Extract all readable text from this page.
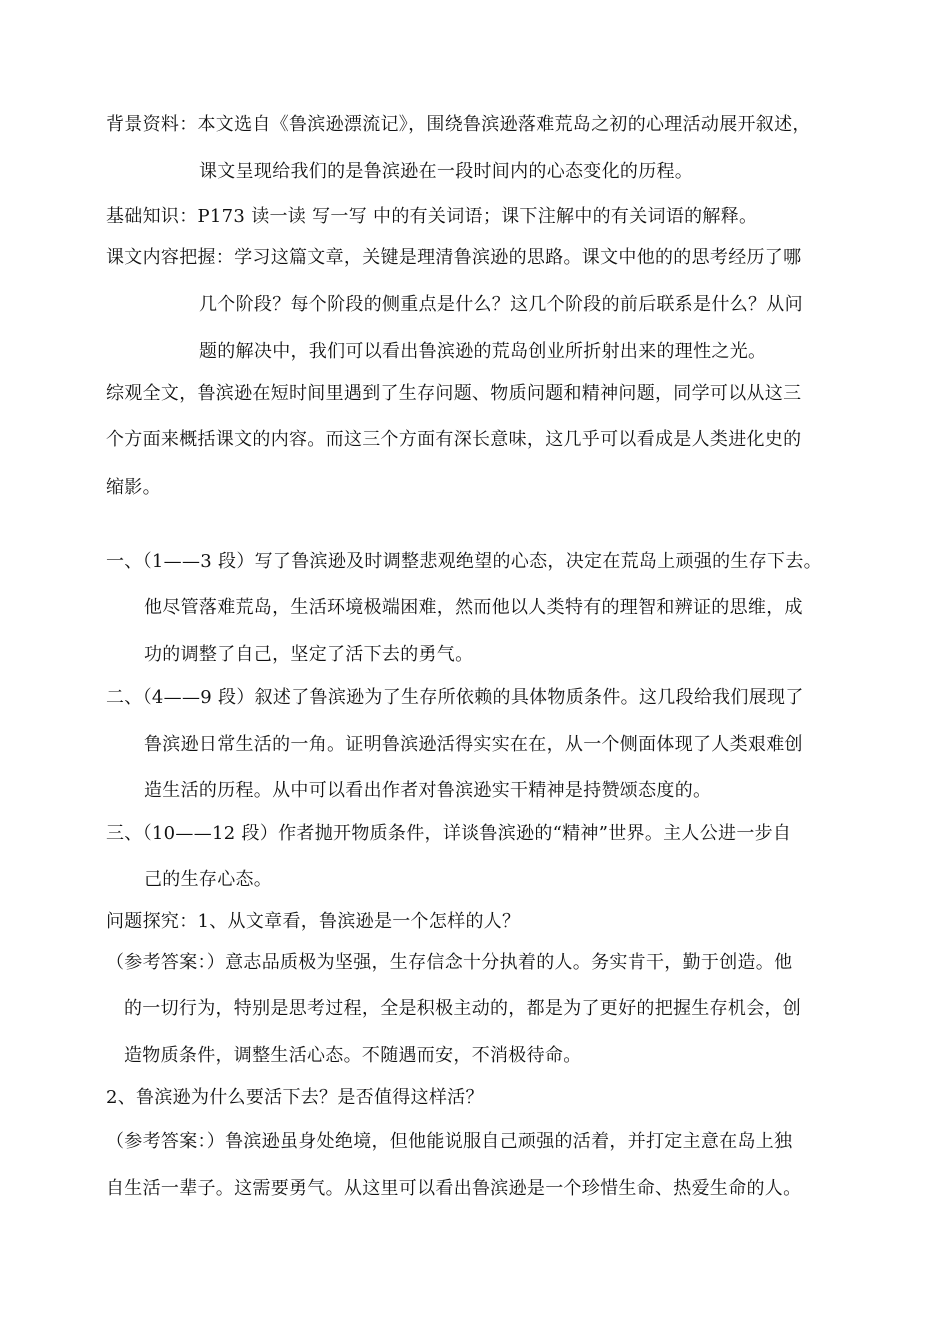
背景资料：本文选自《鲁滨逊漂流记》，围绕鲁滨逊落难荒岛之初的心理活动展开叙述，
课文呈现给我们的是鲁滨逊在一段时间内的心态变化的历程。
基础知识：P173 读一读 写一写 中的有关词语；课下注解中的有关词语的解释。
课文内容把握：学习这篇文章，关键是理清鲁滨逊的思路。课文中他的的思考经历了哪
几个阶段？每个阶段的侧重点是什么？这几个阶段的前后联系是什么？从问
题的解决中，我们可以看出鲁滨逊的荒岛创业所折射出来的理性之光。
综观全文，鲁滨逊在短时间里遇到了生存问题、物质问题和精神问题，同学可以从这三
个方面来概括课文的内容。而这三个方面有深长意味，这几乎可以看成是人类进化史的
缩影。
一、（1——3 段）写了鲁滨逊及时调整悲观绝望的心态，决定在荒岛上顽强的生存下去。
他尽管落难荒岛，生活环境极端困难，然而他以人类特有的理智和辨证的思维，成
功的调整了自己，坚定了活下去的勇气。
二、（4——9 段）叙述了鲁滨逊为了生存所依赖的具体物质条件。这几段给我们展现了
鲁滨逊日常生活的一角。证明鲁滨逊活得实实在在，从一个侧面体现了人类艰难创
造生活的历程。从中可以看出作者对鲁滨逊实干精神是持赞颂态度的。
三、（10——12 段）作者抛开物质条件，详谈鲁滨逊的“精神”世界。主人公进一步自
己的生存心态。
问题探究：1、从文章看，鲁滨逊是一个怎样的人？
（参考答案：）意志品质极为坚强，生存信念十分执着的人。务实肯干，勤于创造。他
的一切行为，特别是思考过程，全是积极主动的，都是为了更好的把握生存机会，创
造物质条件，调整生活心态。不随遇而安，不消极待命。
2、鲁滨逊为什么要活下去？是否值得这样活？
（参考答案：）鲁滨逊虽身处绝境，但他能说服自己顽强的活着，并打定主意在岛上独
自生活一辈子。这需要勇气。从这里可以看出鲁滨逊是一个珍惜生命、热爱生命的人。
